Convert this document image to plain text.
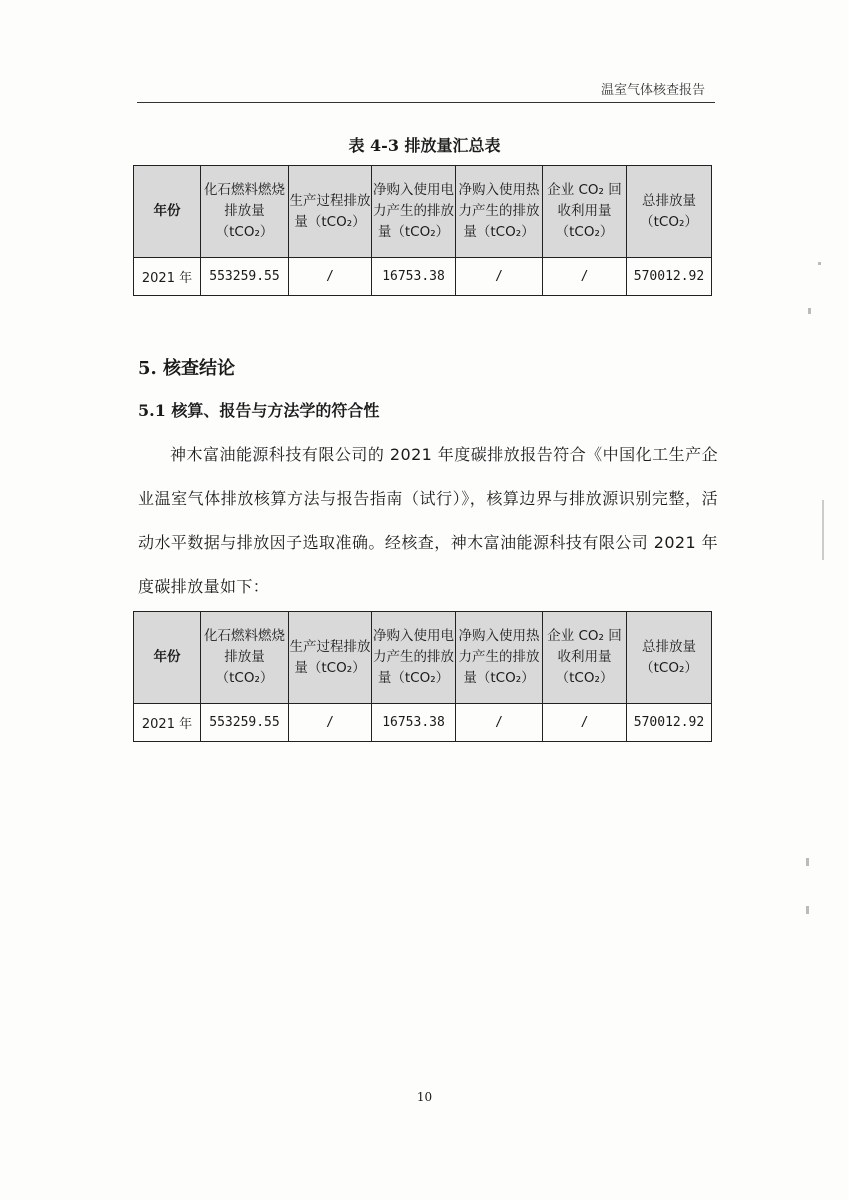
温室气体核查报告
表 4-3 排放量汇总表
年份	化石燃料燃烧排放量（tCO₂）	生产过程排放量（tCO₂）	净购入使用电力产生的排放量（tCO₂）	净购入使用热力产生的排放量（tCO₂）	企业 CO₂ 回收利用量（tCO₂）	总排放量（tCO₂）
2021 年	553259.55	/	16753.38	/	/	570012.92
5. 核查结论
5.1 核算、报告与方法学的符合性
神木富油能源科技有限公司的 2021 年度碳排放报告符合《中国化工生产企业温室气体排放核算方法与报告指南（试行）》，核算边界与排放源识别完整，活动水平数据与排放因子选取准确。经核查，神木富油能源科技有限公司 2021 年度碳排放量如下：
年份	化石燃料燃烧排放量（tCO₂）	生产过程排放量（tCO₂）	净购入使用电力产生的排放量（tCO₂）	净购入使用热力产生的排放量（tCO₂）	企业 CO₂ 回收利用量（tCO₂）	总排放量（tCO₂）
2021 年	553259.55	/	16753.38	/	/	570012.92
10
